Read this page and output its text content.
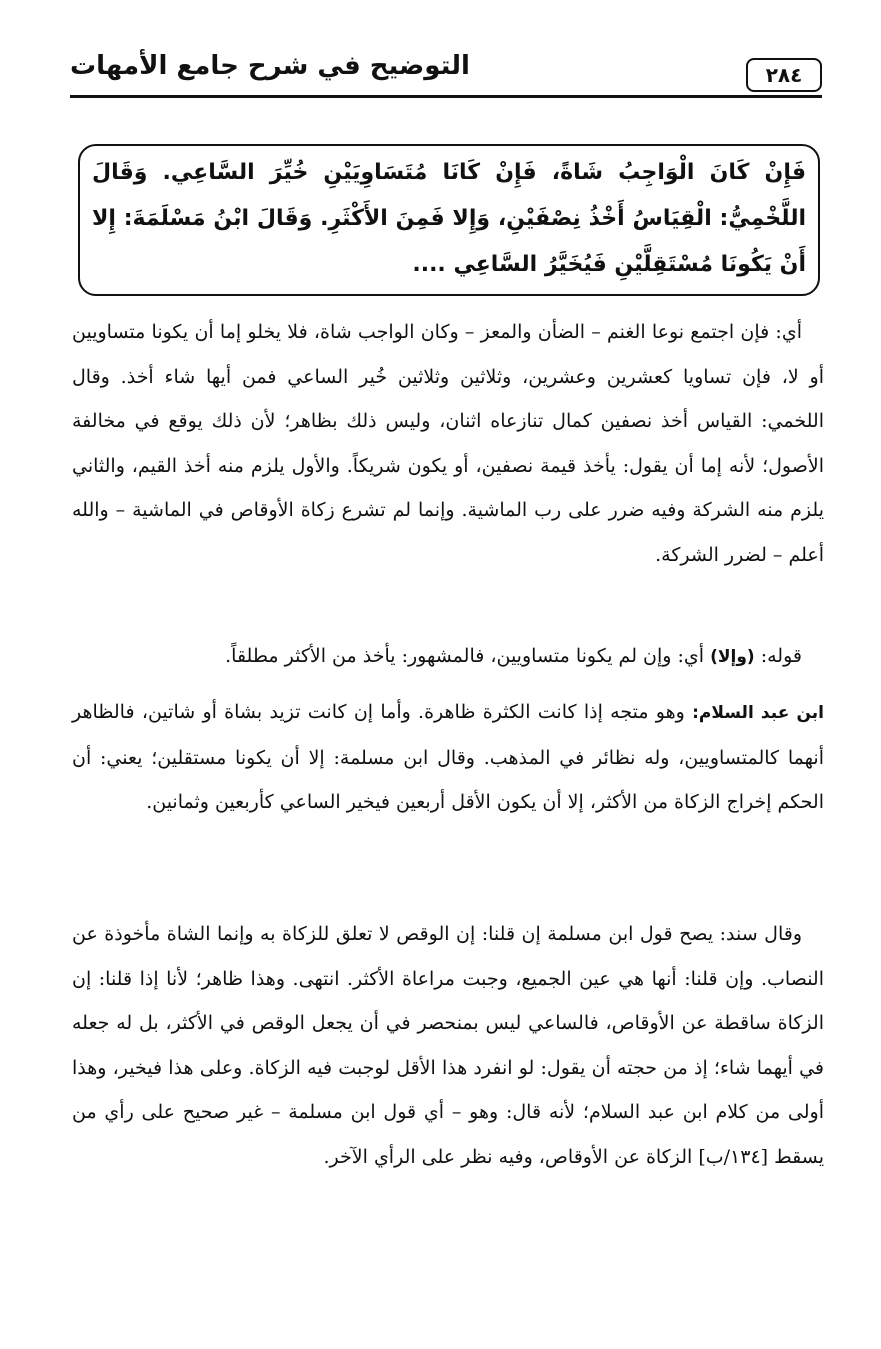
٢٨٤
التوضيح في شرح جامع الأمهات
فَإِنْ كَانَ الْوَاجِبُ شَاةً، فَإِنْ كَانَا مُتَسَاوِيَيْنِ خُيِّرَ السَّاعِي. وَقَالَ اللَّخْمِيُّ: الْقِيَاسُ أَخْذُ نِصْفَيْنِ، وَإِلا فَمِنَ الأَكْثَرِ. وَقَالَ ابْنُ مَسْلَمَةَ: إِلا أَنْ يَكُونَا مُسْتَقِلَّيْنِ فَيُخَيَّرُ السَّاعِي ....

أي: فإن اجتمع نوعا الغنم – الضأن والمعز – وكان الواجب شاة، فلا يخلو إما أن يكونا متساويين أو لا، فإن تساويا كعشرين وعشرين، وثلاثين وثلاثين خُير الساعي فمن أيها شاء أخذ. وقال اللخمي: القياس أخذ نصفين كمال تنازعاه اثنان، وليس ذلك بظاهر؛ لأن ذلك يوقع في مخالفة الأصول؛ لأنه إما أن يقول: يأخذ قيمة نصفين، أو يكون شريكاً. والأول يلزم منه أخذ القيم، والثاني يلزم منه الشركة وفيه ضرر على رب الماشية. وإنما لم تشرع زكاة الأوقاص في الماشية – والله أعلم – لضرر الشركة.

قوله: (وإلا) أي: وإن لم يكونا متساويين، فالمشهور: يأخذ من الأكثر مطلقاً.

ابن عبد السلام: وهو متجه إذا كانت الكثرة ظاهرة. وأما إن كانت تزيد بشاة أو شاتين، فالظاهر أنهما كالمتساويين، وله نظائر في المذهب. وقال ابن مسلمة: إلا أن يكونا مستقلين؛ يعني: أن الحكم إخراج الزكاة من الأكثر، إلا أن يكون الأقل أربعين فيخير الساعي كأربعين وثمانين.

وقال سند: يصح قول ابن مسلمة إن قلنا: إن الوقص لا تعلق للزكاة به وإنما الشاة مأخوذة عن النصاب. وإن قلنا: أنها هي عين الجميع، وجبت مراعاة الأكثر. انتهى. وهذا ظاهر؛ لأنا إذا قلنا: إن الزكاة ساقطة عن الأوقاص، فالساعي ليس بمنحصر في أن يجعل الوقص في الأكثر، بل له جعله في أيهما شاء؛ إذ من حجته أن يقول: لو انفرد هذا الأقل لوجبت فيه الزكاة. وعلى هذا فيخير، وهذا أولى من كلام ابن عبد السلام؛ لأنه قال: وهو – أي قول ابن مسلمة – غير صحيح على رأي من يسقط [١٣٤/ب] الزكاة عن الأوقاص، وفيه نظر على الرأي الآخر.
